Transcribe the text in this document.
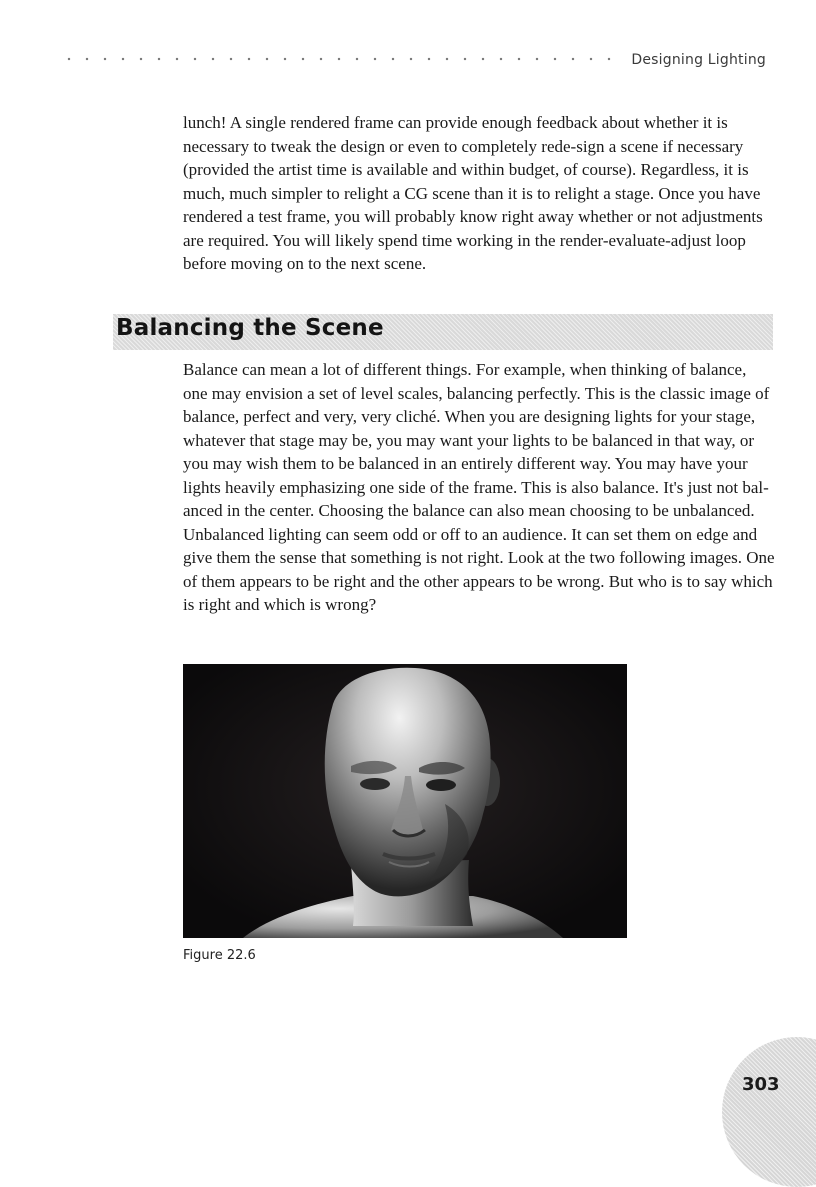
Designing Lighting

lunch! A single rendered frame can provide enough feedback about whether it is necessary to tweak the design or even to completely rede-sign a scene if necessary (provided the artist time is available and within budget, of course). Regardless, it is much, much simpler to relight a CG scene than it is to relight a stage. Once you have rendered a test frame, you will probably know right away whether or not adjustments are required. You will likely spend time working in the render-evaluate-adjust loop before moving on to the next scene.

Balancing the Scene

Balance can mean a lot of different things. For example, when thinking of balance, one may envision a set of level scales, balancing perfectly. This is the classic image of balance, perfect and very, very cliché. When you are designing lights for your stage, whatever that stage may be, you may want your lights to be balanced in that way, or you may wish them to be balanced in an entirely different way. You may have your lights heavily emphasizing one side of the frame. This is also balance. It's just not bal-anced in the center. Choosing the balance can also mean choosing to be unbalanced. Unbalanced lighting can seem odd or off to an audience. It can set them on edge and give them the sense that something is not right. Look at the two following images. One of them appears to be right and the other appears to be wrong. But who is to say which is right and which is wrong?

Figure 22.6
303
